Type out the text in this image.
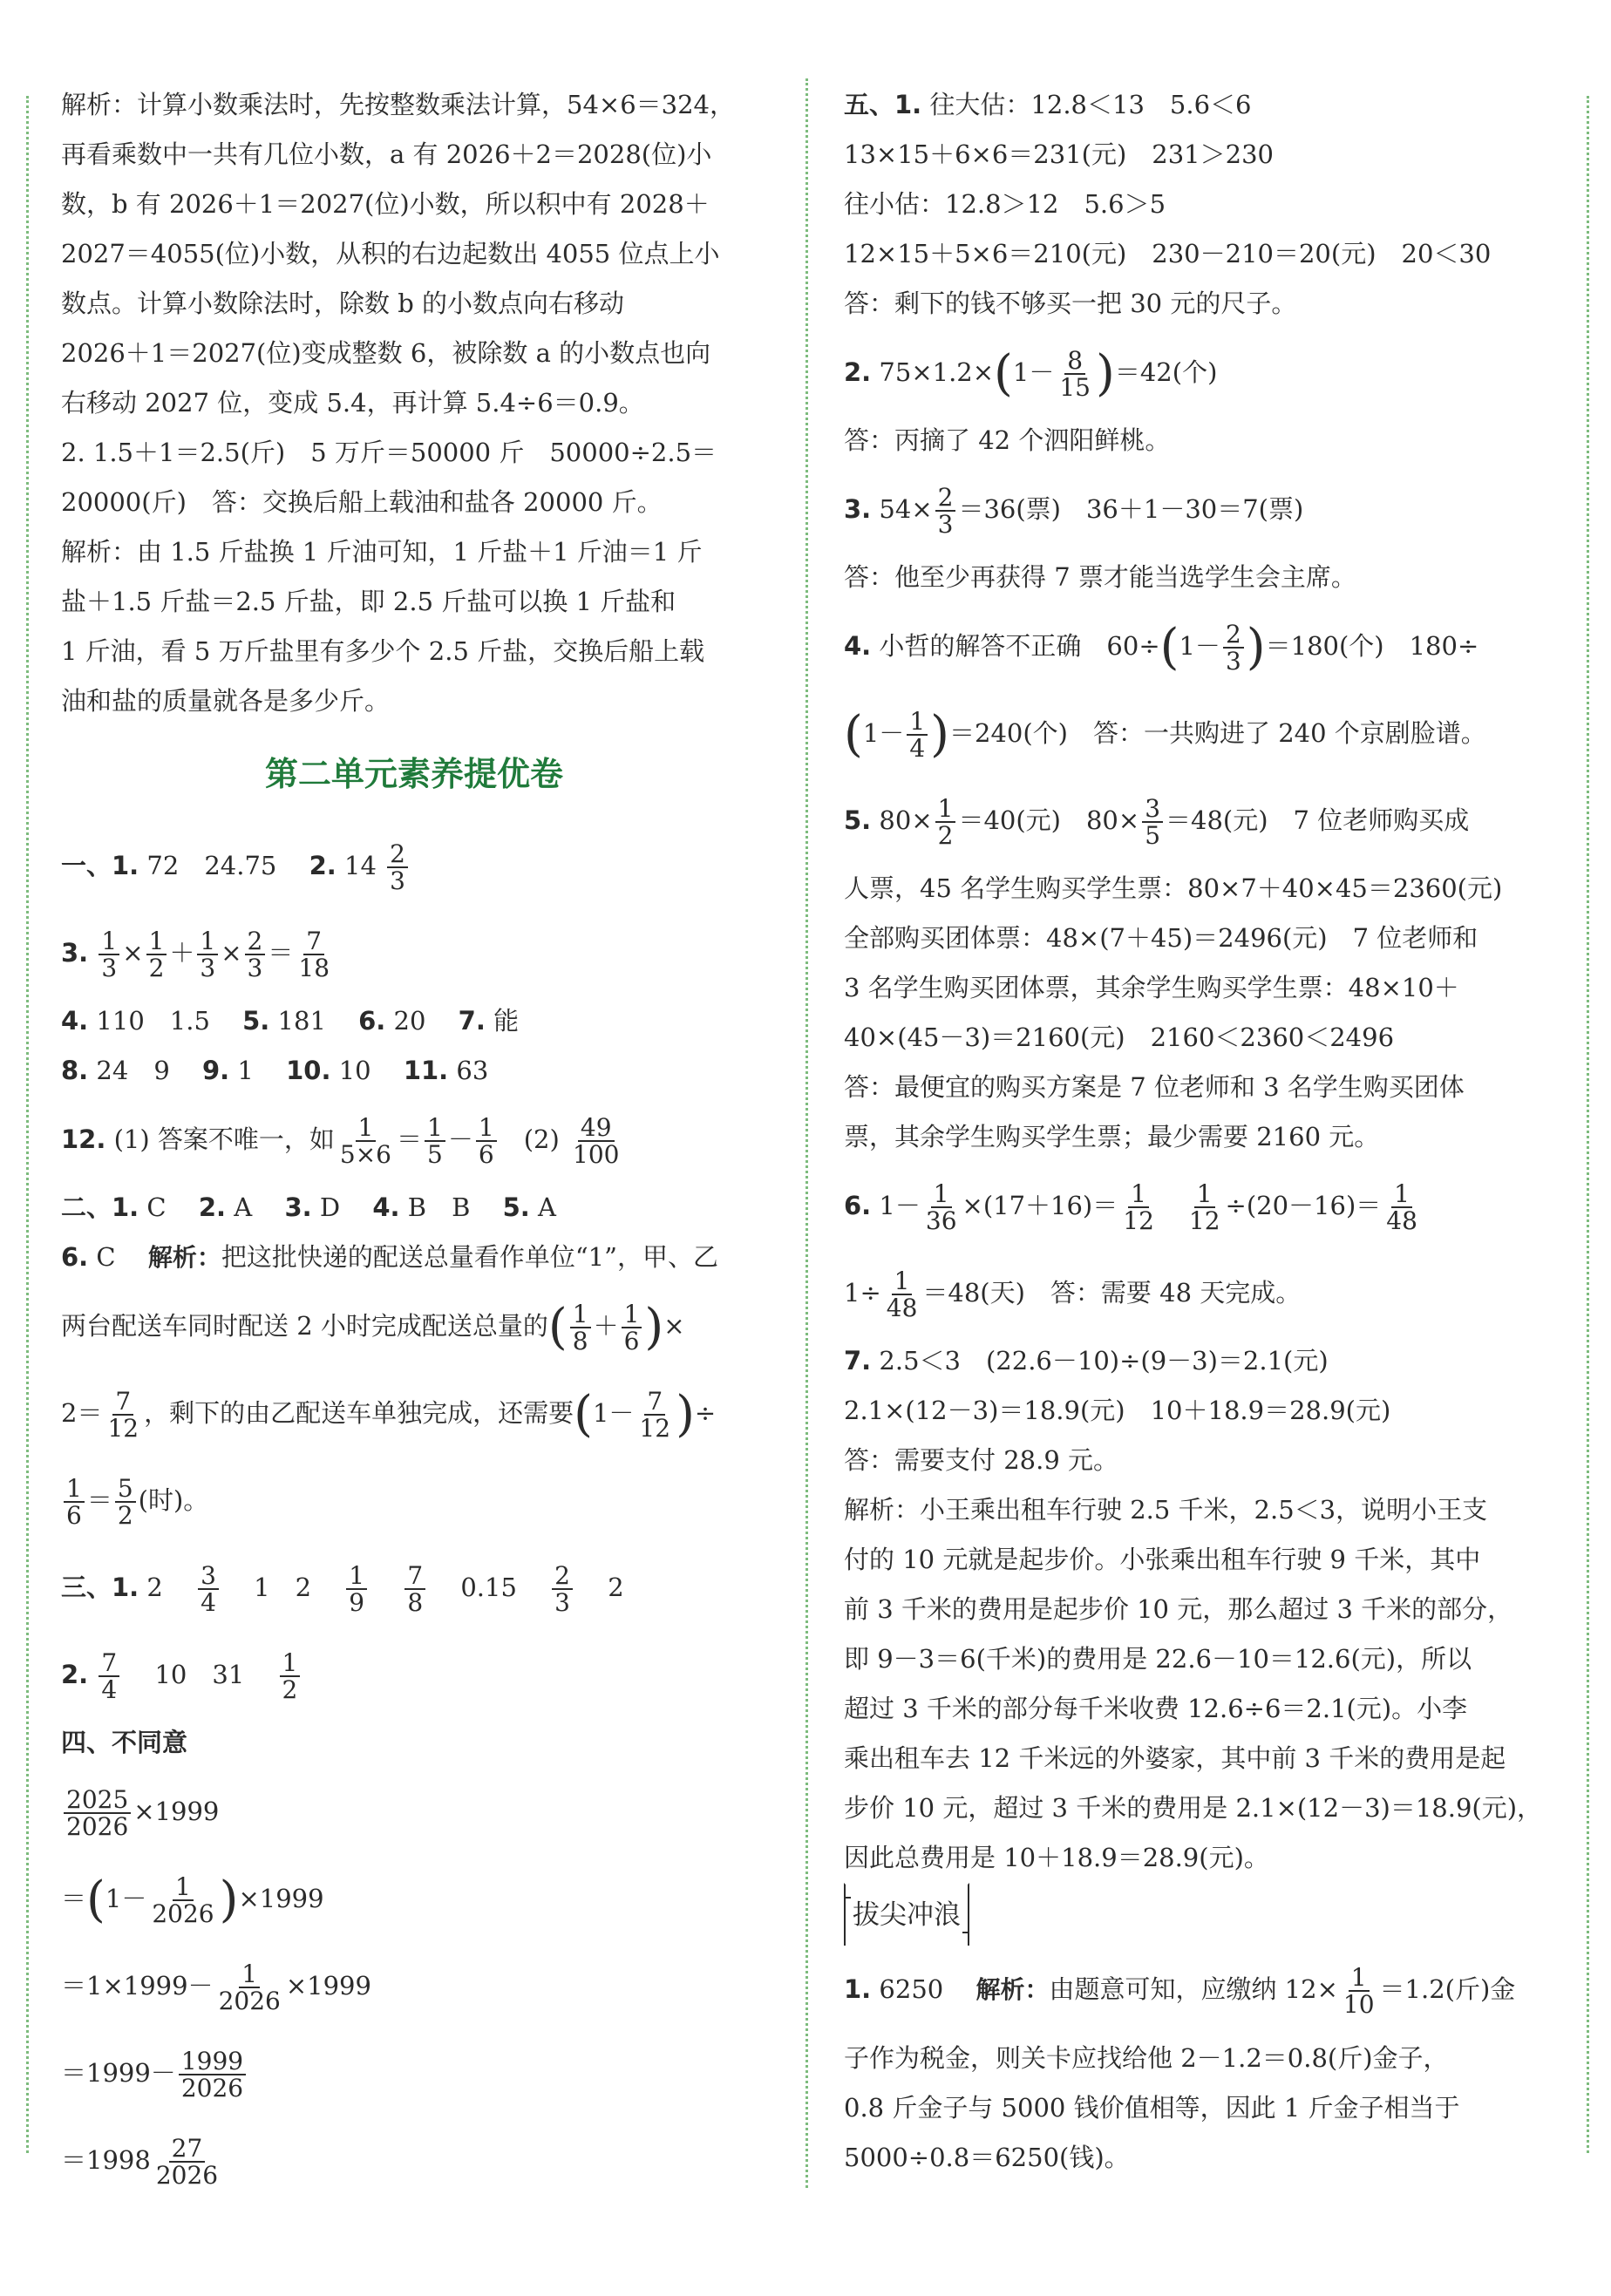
解析：计算小数乘法时，先按整数乘法计算，54×6＝324，
再看乘数中一共有几位小数，a 有 2026＋2＝2028(位)小
数，b 有 2026＋1＝2027(位)小数，所以积中有 2028＋
2027＝4055(位)小数，从积的右边起数出 4055 位点上小
数点。计算小数除法时，除数 b 的小数点向右移动
2026＋1＝2027(位)变成整数 6，被除数 a 的小数点也向
右移动 2027 位，变成 5.4，再计算 5.4÷6＝0.9。
2. 1.5＋1＝2.5(斤)　5 万斤＝50000 斤　50000÷2.5＝
20000(斤)　答：交换后船上载油和盐各 20000 斤。
解析：由 1.5 斤盐换 1 斤油可知，1 斤盐＋1 斤油＝1 斤
盐＋1.5 斤盐＝2.5 斤盐，即 2.5 斤盐可以换 1 斤盐和
1 斤油，看 5 万斤盐里有多少个 2.5 斤盐，交换后船上载
油和盐的质量就各是多少斤。
第二单元素养提优卷
一、1. 72　24.75 2. $14 \frac{2}{3}$
3. $\frac{1}{3} \times \frac{1}{2} + \frac{1}{3} \times \frac{2}{3} = \frac{7}{18}$
4. 110　1.5 5. 181 6. 20 7. 能
8. 24　9 9. 1 10. 10 11. 63
12. (1) 答案不唯一，如 $\frac{1}{5\times 6} = \frac{1}{5} - \frac{1}{6} (2) \frac{49}{100}$
二、1. C 2. A 3. D 4. B　B 5. A
6. C 解析：把这批快递的配送总量看作单位“1”，甲、乙
两台配送车同时配送 2 小时完成配送总量的( $\frac{1}{8} + \frac{1}{6}$ )×
$2= \frac{7}{12}$ ，剩下的由乙配送车单独完成，还需要($1- \frac{7}{12}$ )÷
$\frac{1}{6} = \frac{5}{2}$ (时)。
三、1. $2 \frac{3}{4} 1$　$2 \frac{1}{9}$
$\frac{7}{8} 0.15 \frac{2}{3} 2$
2. $\frac{7}{4} 10$　$31 \frac{1}{2}$
四、不同意
$\frac{2025}{2026} \times 1999$
$=(1- \frac{1}{2026} )\times 1999$
$=1\times 1999- \frac{1}{2026} \times 1999$
$=1999- \frac{1999}{2026}$
$=1998 \frac{27}{2026}$
五、1. 往大估：12.8＜13　5.6＜6
13×15＋6×6＝231(元)　231＞230
往小估：12.8＞12　5.6＞5
12×15＋5×6＝210(元)　230－210＝20(元)　20＜30
答：剩下的钱不够买一把 30 元的尺子。
2. $75\times 1.2\times(1- \frac{8}{15} )=42$(个)
答：丙摘了 42 个泗阳鲜桃。
3. $54\times \frac{2}{3} =36$(票)　36＋1－30＝7(票)
答：他至少再获得 7 票才能当选学生会主席。
4. 小哲的解答不正确　$60\div(1- \frac{2}{3} )=180$(个)　180÷
$(1- \frac{1}{4} )=240$(个)　答：一共购进了 240 个京剧脸谱。
5. $80\times \frac{1}{2} =40$(元)　$80\times \frac{3}{5} =48$(元)　7 位老师购买成
人票，45 名学生购买学生票：80×7＋40×45＝2360(元)
全部购买团体票：48×(7＋45)＝2496(元)　7 位老师和
3 名学生购买团体票，其余学生购买学生票：48×10＋
40×(45－3)＝2160(元)　2160＜2360＜2496
答：最便宜的购买方案是 7 位老师和 3 名学生购买团体
票，其余学生购买学生票；最少需要 2160 元。
6. $1- \frac{1}{36} \times(17+16)= \frac{1}{12} \frac{1}{12} \div(20-16)= \frac{1}{48}$
$1\div \frac{1}{48} =48$(天)　答：需要 48 天完成。
7. 2.5＜3　(22.6－10)÷(9－3)＝2.1(元)
2.1×(12－3)＝18.9(元)　10＋18.9＝28.9(元)
答：需要支付 28.9 元。
解析：小王乘出租车行驶 2.5 千米，2.5＜3，说明小王支
付的 10 元就是起步价。小张乘出租车行驶 9 千米，其中
前 3 千米的费用是起步价 10 元，那么超过 3 千米的部分，
即 9－3＝6(千米)的费用是 22.6－10＝12.6(元)，所以
超过 3 千米的部分每千米收费 12.6÷6＝2.1(元)。小李
乘出租车去 12 千米远的外婆家，其中前 3 千米的费用是起
步价 10 元，超过 3 千米的费用是 2.1×(12－3)＝18.9(元)，
因此总费用是 10＋18.9＝28.9(元)。
拔尖冲浪
1. 6250 解析：由题意可知，应缴纳 $12\times \frac{1}{10} =1.2$(斤)金
子作为税金，则关卡应找给他 2－1.2＝0.8(斤)金子，
0.8 斤金子与 5000 钱价值相等，因此 1 斤金子相当于
5000÷0.8＝6250(钱)。
